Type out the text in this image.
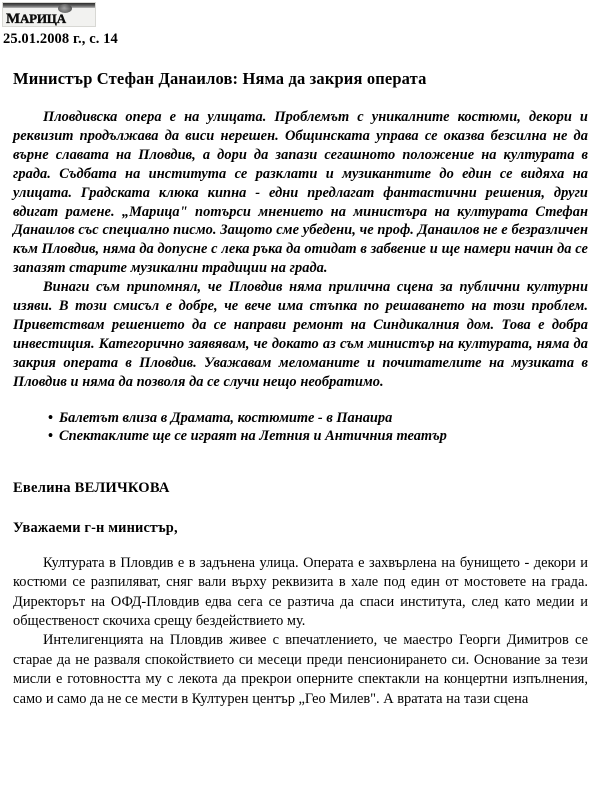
марица
25.01.2008 г., с. 14
Министър Стефан Данаилов: Няма да закрия операта

Пловдивска опера е на улицата. Проблемът с уникалните костюми, декори и реквизит продължава да виси нерешен. Общинската управа се оказва безсилна не да върне славата на Пловдив, а дори да запази сегашното положение на културата в града. Съдбата на института се разклати и музикантите до един се видяха на улицата. Градската клюка кипна - едни предлагат фантастични решения, други вдигат рамене. „Марица" потърси мнението на министъра на културата Стефан Данаилов със специално писмо. Защото сме убедени, че проф. Данаилов не е безразличен към Пловдив, няма да допусне с лека ръка да отидат в забвение и ще намери начин да се запазят старите музикални традиции на града.

Винаги съм припомнял, че Пловдив няма прилична сцена за публични културни изяви. В този смисъл е добре, че вече има стъпка по решаването на този проблем. Приветствам решението да се направи ремонт на Синдикалния дом. Това е добра инвестиция. Категорично заявявам, че докато аз съм министър на културата, няма да закрия операта в Пловдив. Уважавам меломаните и почитателите на музиката в Пловдив и няма да позволя да се случи нещо необратимо.

• Балетът влиза в Драмата, костюмите - в Панаира
• Спектаклите ще се играят на Летния и Античния театър
Евелина ВЕЛИЧКОВА
Уважаеми г-н министър,

Културата в Пловдив е в задънена улица. Операта е захвърлена на бунището - декори и костюми се разпиляват, сняг вали върху реквизита в хале под един от мостовете на града. Директорът на ОФД-Пловдив едва сега се разтича да спаси института, след като медии и общественост скочиха срещу бездействието му.

Интелигенцията на Пловдив живее с впечатлението, че маестро Георги Димитров се старае да не разваля спокойствието си месеци преди пенсионирането си. Основание за тези мисли е готовността му с лекота да прекрои оперните спектакли на концертни изпълнения, само и само да не се мести в Културен център „Гео Милев". А вратата на тази сцена
